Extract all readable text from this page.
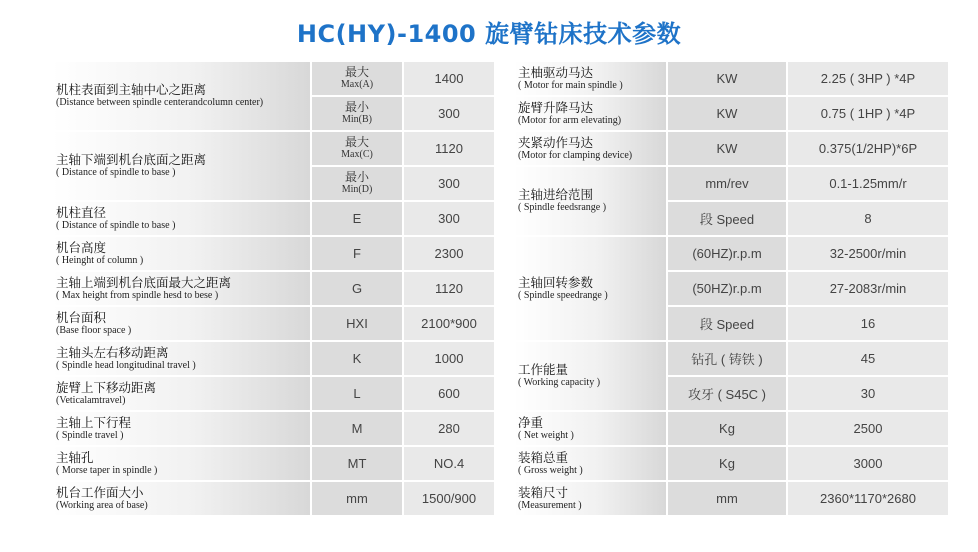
HC(HY)-1400 旋臂钻床技术参数
机柱表面到主轴中心之距离
(Distance between spindle centerandcolumn center)	最大
Max(A)	1400

	最小
Min(B)	300

主轴下端到机台底面之距离
( Distance of spindle to base )	最大
Max(C)	1120

	最小
Min(D)	300

机柱直径
( Distance of spindle to base )	E	300

机台高度
( Heinght of column )	F	2300

主轴上端到机台底面最大之距离
( Max height from spindle hesd to bese )	G	1120

机台面积
(Base floor space )	HXI	2100*900

主轴头左右移动距离
( Spindle head longitudinal travel )	K	1000

旋臂上下移动距离
(Veticalamtravel)	L	600

主轴上下行程
( Spindle travel )	M	280

主轴孔
( Morse taper in spindle )	MT	NO.4

机台工作面大小
(Working area of base)	mm	1500/900
主柚驱动马达
( Motor for main spindle )	KW	2.25 ( 3HP ) *4P

旋臂升降马达
(Motor for arm elevating)	KW	0.75 ( 1HP ) *4P

夹紧动作马达
(Motor for clamping device)	KW	0.375(1/2HP)*6P

主轴进给范围
( Spindle feedsrange )	mm/rev	0.1-1.25mm/r
	段 Speed	8

主轴回转参数
( Spindle speedrange )	(60HZ)r.p.m	32-2500r/min
	(50HZ)r.p.m	27-2083r/min
	段 Speed	16

工作能量
( Working capacity )	钻孔 ( 铸铁 )	45
	攻牙 ( S45C )	30

净重
( Net weight )	Kg	2500

装箱总重
( Gross weight )	Kg	3000

装箱尺寸
(Measurement )	mm	2360*1170*2680
